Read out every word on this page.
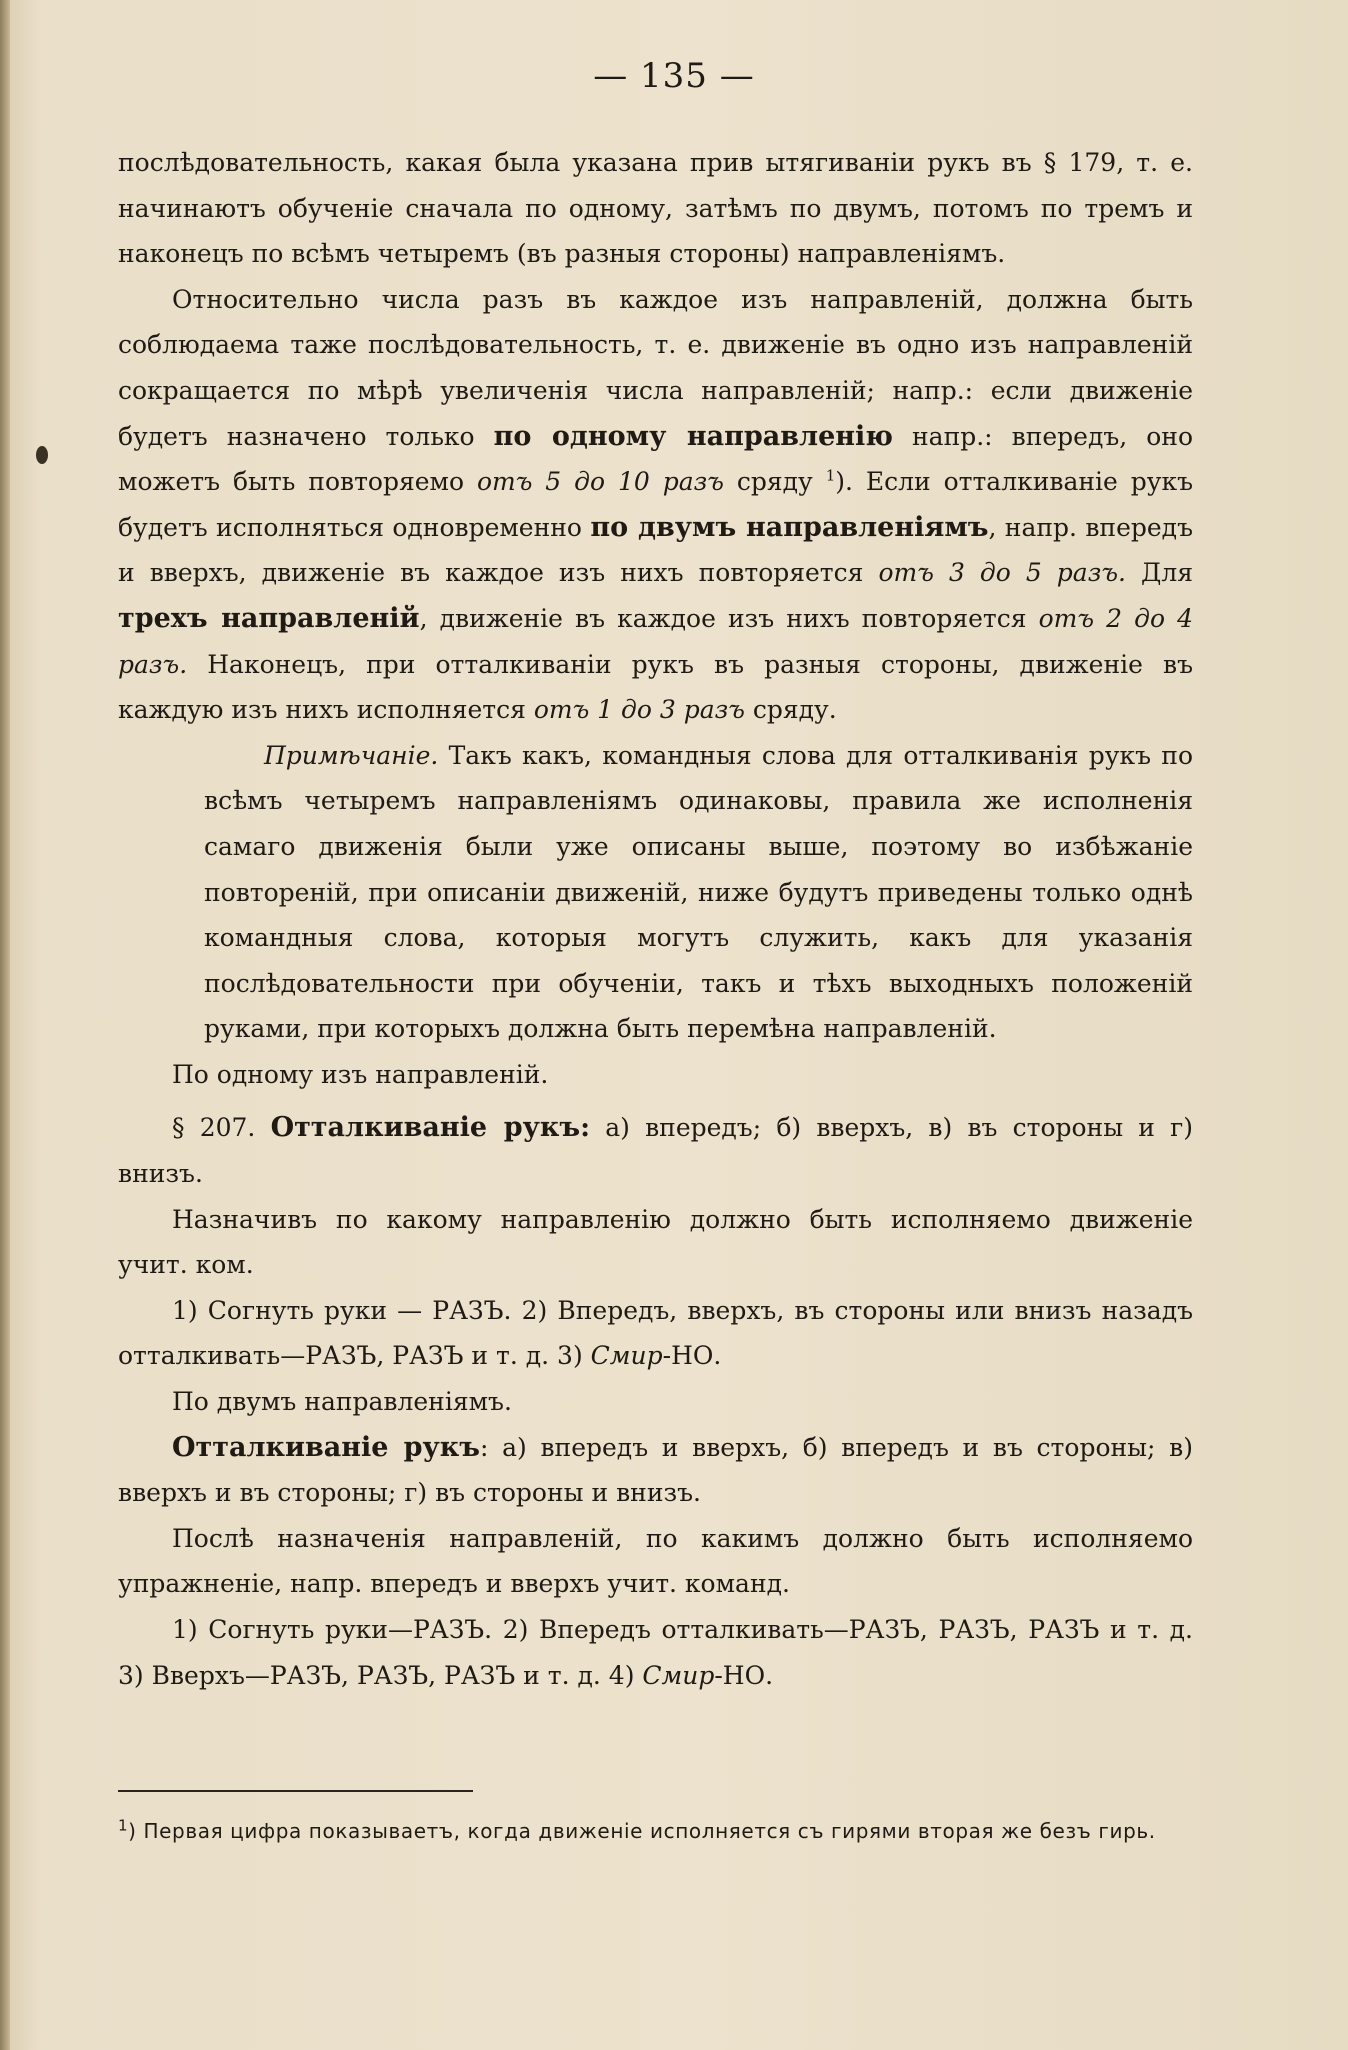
— 135 —

послѣдовательность, какая была указана прив ытягиваніи рукъ въ § 179, т. е. начинаютъ обученіе сначала по одному, затѣмъ по двумъ, потомъ по тремъ и наконецъ по всѣмъ четыремъ (въ разныя стороны) направленіямъ.

Относительно числа разъ въ каждое изъ направленій, должна быть соблюдаема таже послѣдовательность, т. е. движеніе въ одно изъ направленій сокращается по мѣрѣ увеличенія числа направленій; напр.: если движеніе будетъ назначено только по одному направленію напр.: впередъ, оно можетъ быть повторяемо отъ 5 до 10 разъ сряду $^1$). Если отталкиваніе рукъ будетъ исполняться одновременно по двумъ направленіямъ, напр. впередъ и вверхъ, движеніе въ каждое изъ нихъ повторяется отъ 3 до 5 разъ. Для трехъ направленій, движеніе въ каждое изъ нихъ повторяется отъ 2 до 4 разъ. Наконецъ, при отталкиваніи рукъ въ разныя стороны, движеніе въ каждую изъ нихъ исполняется отъ 1 до 3 разъ сряду.

Примѣчаніе. Такъ какъ, командныя слова для отталкиванія рукъ по всѣмъ четыремъ направленіямъ одинаковы, правила же исполненія самаго движенія были уже описаны выше, поэтому во избѣжаніе повтореній, при описаніи движеній, ниже будутъ приведены только однѣ командныя слова, которыя могутъ служить, какъ для указанія послѣдовательности при обученіи, такъ и тѣхъ выходныхъ положеній руками, при которыхъ должна быть перемѣна направленій.

По одному изъ направленій.

§ 207. Отталкиваніе рукъ: а) впередъ; б) вверхъ, в) въ стороны и г) внизъ.

Назначивъ по какому направленію должно быть исполняемо движеніе учит. ком.

1) Согнуть руки — РАЗЪ. 2) Впередъ, вверхъ, въ стороны или внизъ назадъ отталкивать—РАЗЪ, РАЗЪ и т. д. 3) Смир-НО.

По двумъ направленіямъ.

Отталкиваніе рукъ: а) впередъ и вверхъ, б) впередъ и въ стороны; в) вверхъ и въ стороны; г) въ стороны и внизъ.

Послѣ назначенія направленій, по какимъ должно быть исполняемо упражненіе, напр. впередъ и вверхъ учит. команд.

1) Согнуть руки—РАЗЪ. 2) Впередъ отталкивать—РАЗЪ, РАЗЪ, РАЗЪ и т. д. 3) Вверхъ—РАЗЪ, РАЗЪ, РАЗЪ и т. д. 4) Смир-НО.

$^1$) Первая цифра показываетъ, когда движеніе исполняется съ гирями вторая же безъ гирь.
